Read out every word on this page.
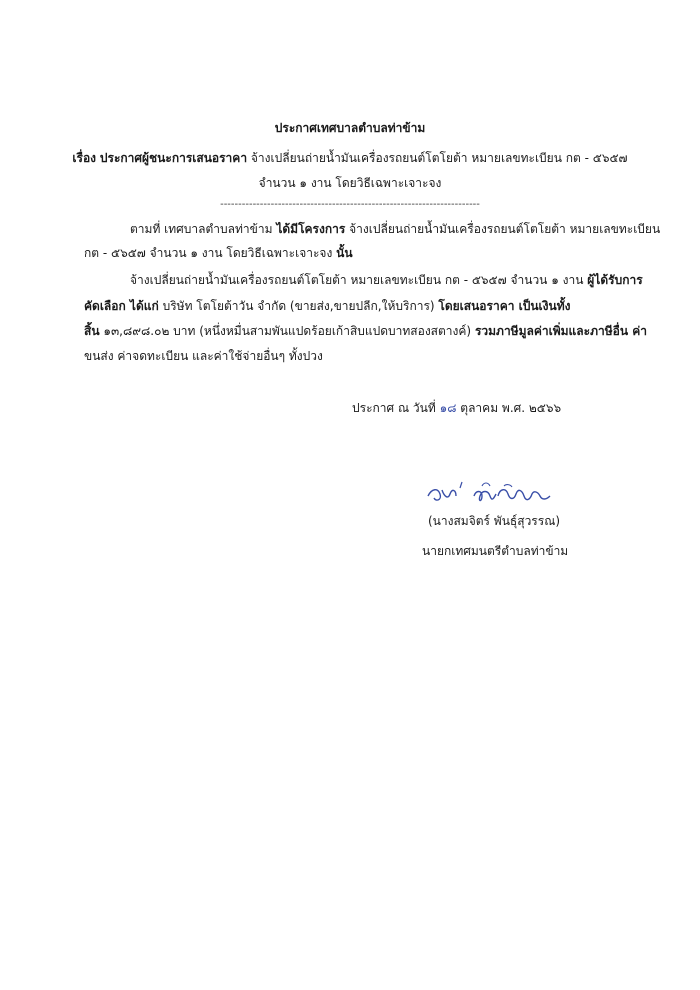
ประกาศเทศบาลตำบลท่าข้าม
เรื่อง ประกาศผู้ชนะการเสนอราคา จ้างเปลี่ยนถ่ายน้ำมันเครื่องรถยนต์โตโยต้า หมายเลขทะเบียน กต - ๕๖๕๗
จำนวน ๑ งาน โดยวิธีเฉพาะเจาะจง
------------------------------------------------------------------------
ตามที่ เทศบาลตำบลท่าข้าม ได้มีโครงการ จ้างเปลี่ยนถ่ายน้ำมันเครื่องรถยนต์โตโยต้า หมายเลขทะเบียน
กต - ๕๖๕๗ จำนวน ๑ งาน โดยวิธีเฉพาะเจาะจง นั้น
จ้างเปลี่ยนถ่ายน้ำมันเครื่องรถยนต์โตโยต้า หมายเลขทะเบียน กต - ๕๖๕๗ จำนวน ๑ งาน ผู้ได้รับการ
คัดเลือก ได้แก่ บริษัท โตโยต้าวัน จำกัด (ขายส่ง,ขายปลีก,ให้บริการ) โดยเสนอราคา เป็นเงินทั้ง
สิ้น ๑๓,๘๙๘.๐๒ บาท (หนึ่งหมื่นสามพันแปดร้อยเก้าสิบแปดบาทสองสตางค์) รวมภาษีมูลค่าเพิ่มและภาษีอื่น ค่า
ขนส่ง ค่าจดทะเบียน และค่าใช้จ่ายอื่นๆ ทั้งปวง
ประกาศ ณ วันที่ ๑๘ ตุลาคม พ.ศ. ๒๕๖๖
(นางสมจิตร์ พันธุ์สุวรรณ)
นายกเทศมนตรีตำบลท่าข้าม
